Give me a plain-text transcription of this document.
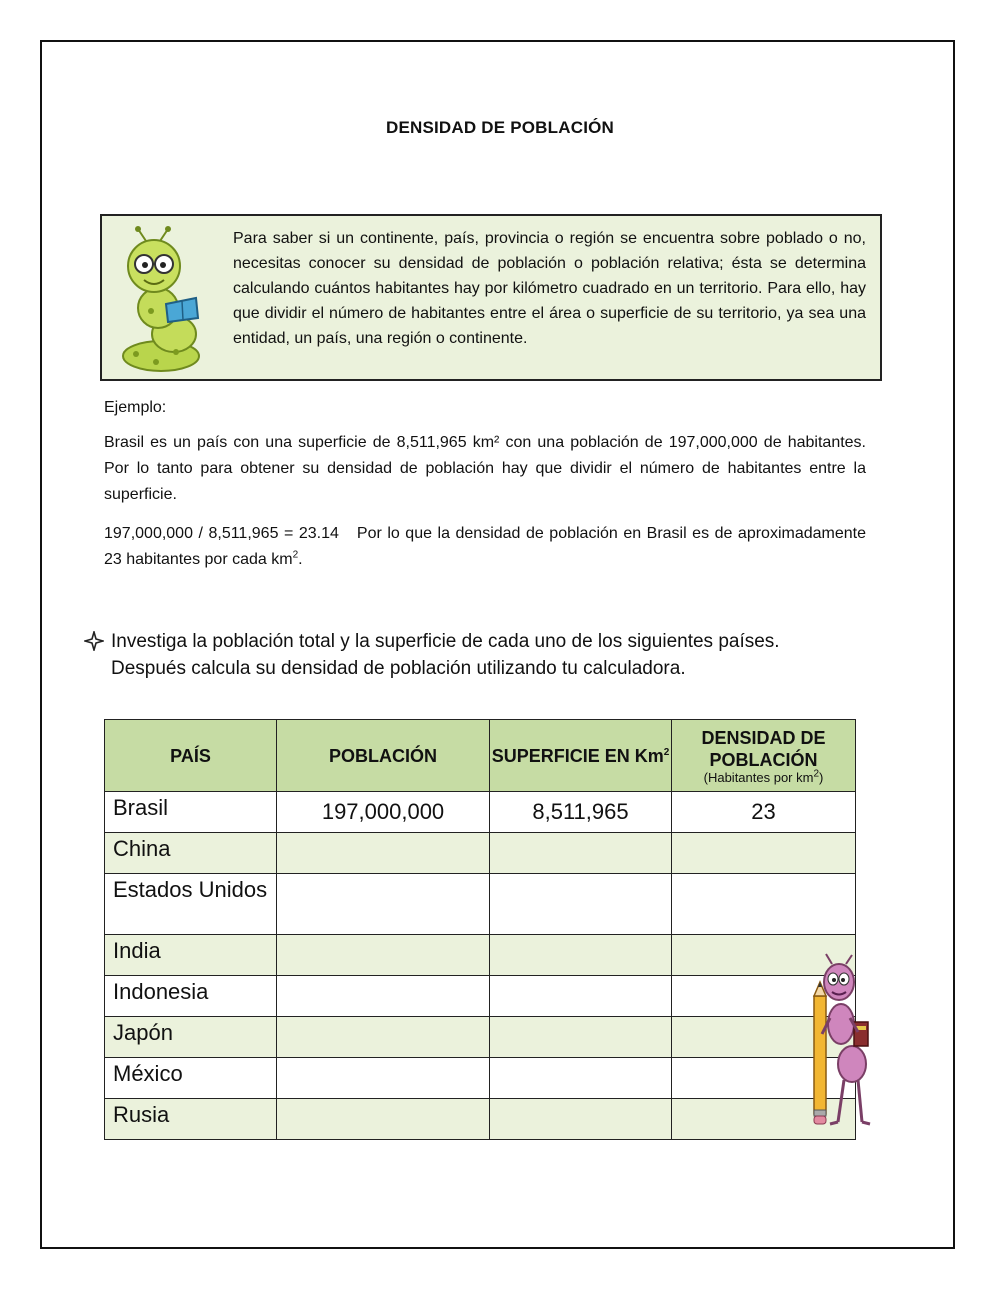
DENSIDAD DE POBLACIÓN

Para saber si un continente, país, provincia o región se encuentra sobre poblado o no, necesitas conocer su densidad de población o población relativa; ésta se determina calculando cuántos habitantes hay por kilómetro cuadrado en un territorio. Para ello, hay que dividir el número de habitantes entre el área o superficie de su territorio, ya sea una entidad, un país, una región o continente.

Ejemplo:

Brasil es un país con una superficie de 8,511,965 km² con una población de 197,000,000 de habitantes. Por lo tanto para obtener su densidad de población hay que dividir el número de habitantes entre la superficie.

197,000,000 / 8,511,965 = 23.14 Por lo que la densidad de población en Brasil es de aproximadamente 23 habitantes por cada $km^2$.

Investiga la población total y la superficie de cada uno de los siguientes países.
Después calcula su densidad de población utilizando tu calculadora.
PAÍS	POBLACIÓN	SUPERFICIE EN Km$^2$	DENSIDAD DE POBLACIÓN
(Habitantes por $km^2$)

Brasil	197,000,000	8,511,965	23
China			
Estados Unidos			
India			
Indonesia			
Japón			
México			
Rusia			
